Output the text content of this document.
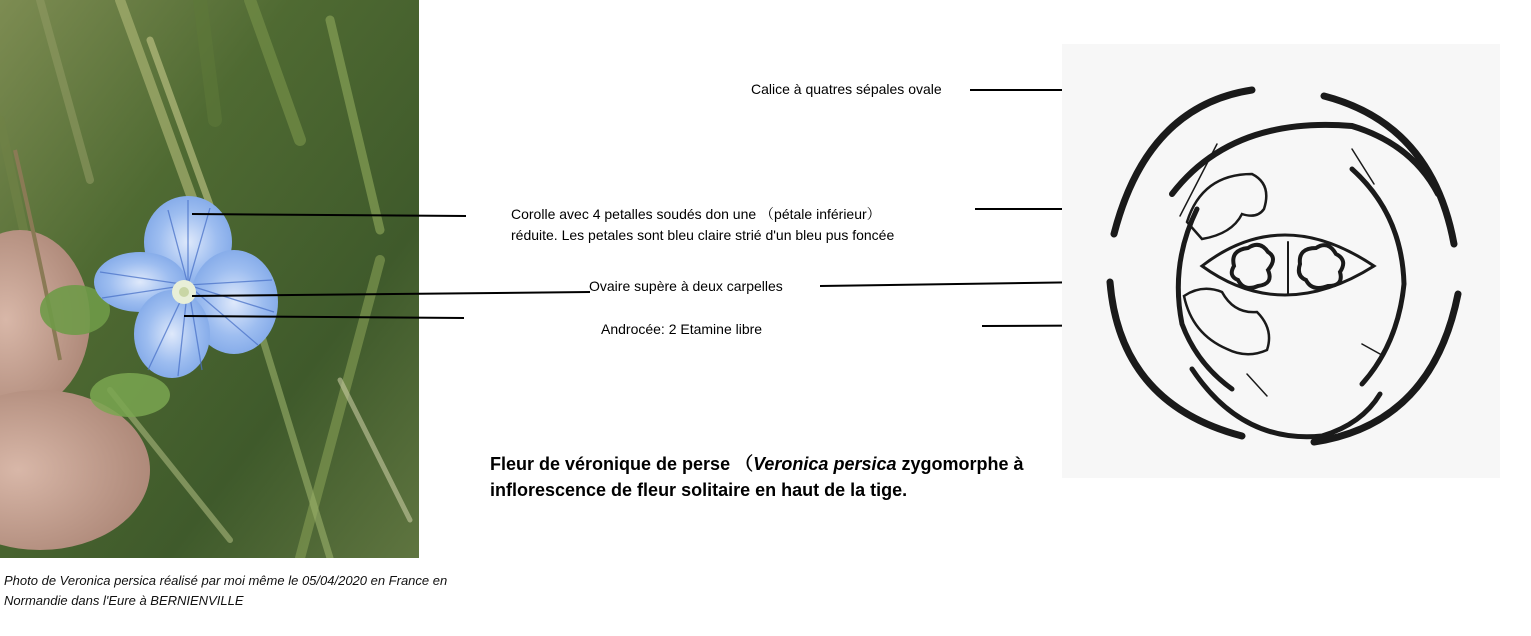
Photo de Veronica persica réalisé par moi même le 05/04/2020 en France en
Normandie dans l'Eure à BERNIENVILLE
Calice à quatres sépales ovale
Corolle avec 4 petalles soudés don une （pétale inférieur）
réduite. Les petales sont bleu claire strié d'un bleu pus foncée
Ovaire supère à deux carpelles
Androcée: 2 Etamine libre
Fleur de véronique de perse （Veronica persica zygomorphe à
inflorescence de fleur solitaire en haut de la tige.
